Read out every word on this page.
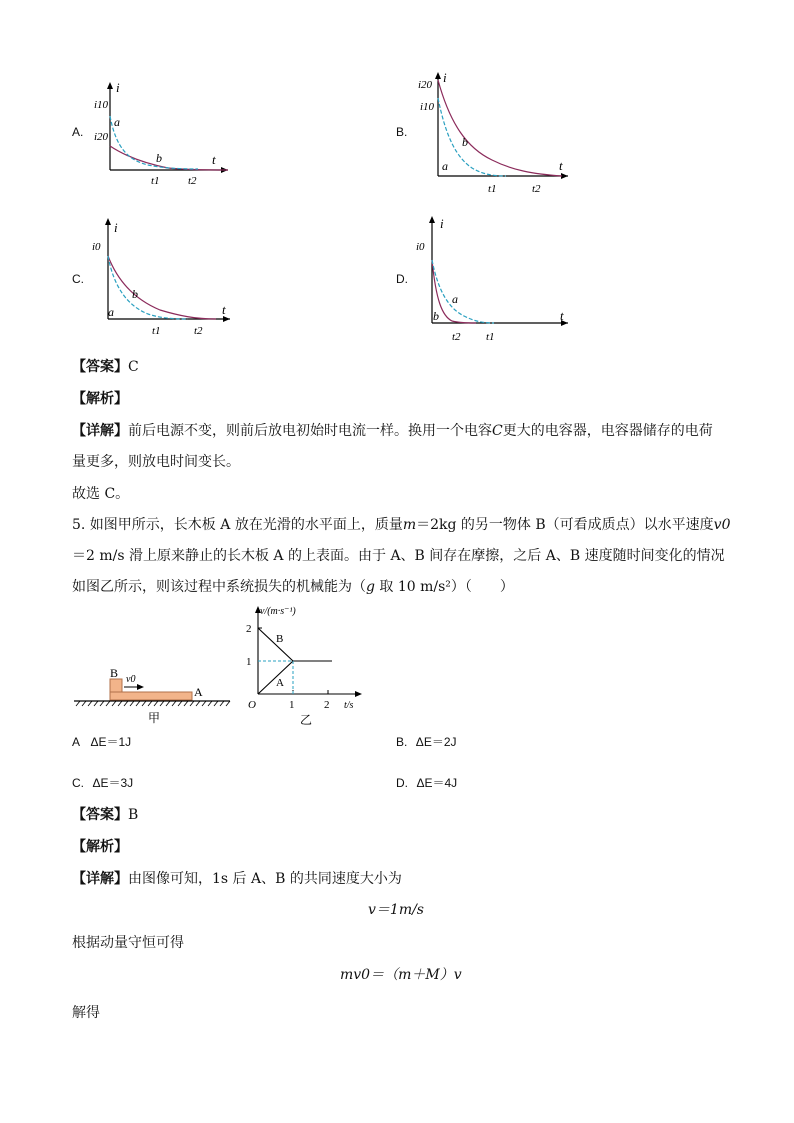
A.
i
i10
i20
a
b	t
t1	t2
B.
i
i20
i10
a
b
t
t1	t2
C.
i
i0
a
b
t
t1	t2
D.
i
i0
a
b	t
t2 t1
【答案】C
【解析】
【详解】前后电源不变，则前后放电初始时电流一样。换用一个电容C更大的电容器，电容器储存的电荷
量更多，则放电时间变长。
故选 C。
5. 如图甲所示，长木板 A 放在光滑的水平面上，质量m＝2kg 的另一物体 B（可看成质点）以水平速度v0
＝2 m/s 滑上原来静止的长木板 A 的上表面。由于 A、B 间存在摩擦，之后 A、B 速度随时间变化的情况
如图乙所示，则该过程中系统损失的机械能为（g 取 10 m/s²）（　　）
B v0
A
甲
v/(m·s⁻¹)
2
1
B
A
O	1	2 t/s
乙
A ΔE＝1J	B. ΔE＝2J
C. ΔE＝3J	D. ΔE＝4J
【答案】B
【解析】
【详解】由图像可知，1s 后 A、B 的共同速度大小为
v＝1m/s
根据动量守恒可得
mv0＝（m＋M）v
解得
